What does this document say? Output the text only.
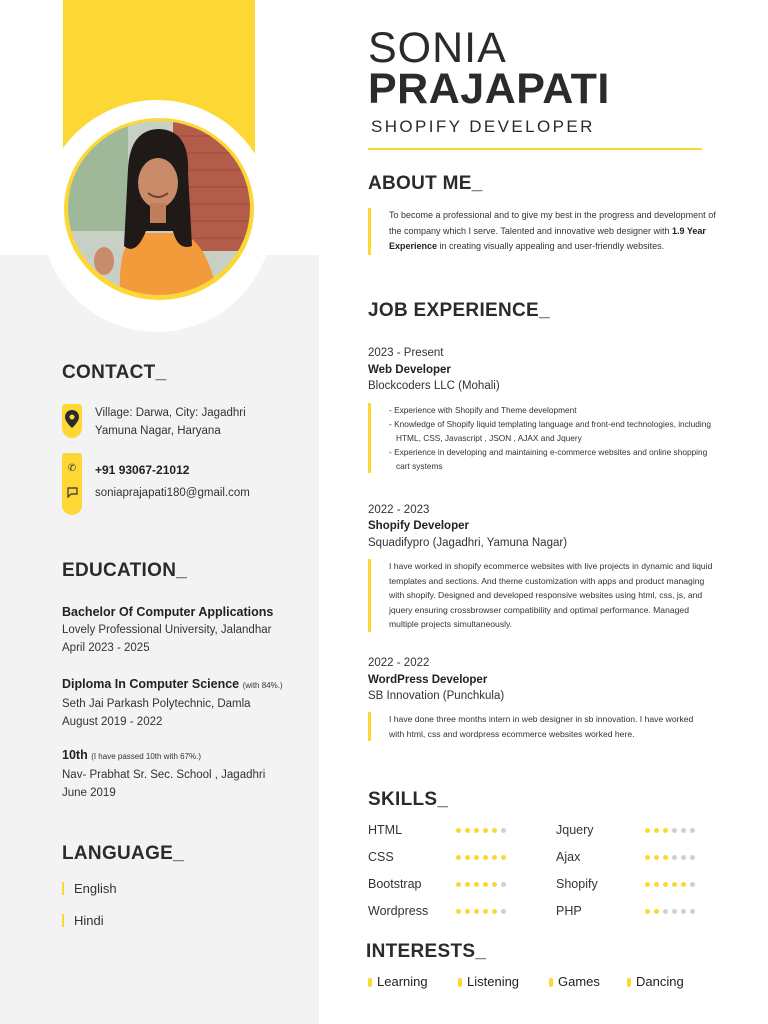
CONTACT_
Village: Darwa, City: Jagadhri
Yamuna Nagar, Haryana
✆ +91 93067-21012
soniaprajapati180@gmail.com
EDUCATION_
Bachelor Of Computer Applications
Lovely Professional University, Jalandhar
April 2023 - 2025
Diploma In Computer Science (with 84%.)
Seth Jai Parkash Polytechnic, Damla
August 2019 - 2022
10th (I have passed 10th with 67%.)
Nav- Prabhat Sr. Sec. School , Jagadhri
June 2019
LANGUAGE_
English
Hindi
SONIA
PRAJAPATI
SHOPIFY DEVELOPER
ABOUT ME_
To become a professional and to give my best in the progress and development of the company which I serve. Talented and innovative web designer with 1.9 Year Experience in creating visually appealing and user-friendly websites.
JOB EXPERIENCE_
2023 - Present
Web Developer
Blockcoders LLC (Mohali)
- Experience with Shopify and Theme development
- Knowledge of Shopify liquid templating language and front-end technologies, including HTML, CSS, Javascript , JSON , AJAX and Jquery
- Experience in developing and maintaining e-commerce websites and online shopping cart systems
2022 - 2023
Shopify Developer
Squadifypro (Jagadhri, Yamuna Nagar)
I have worked in shopify ecommerce websites with live projects in dynamic and liquid templates and sections. And theme customization with apps and product managing with shopify. Designed and developed responsive websites using html, css, js, and jquery ensuring crossbrowser compatibility and optimal performance. Managed multiple projects simultaneously.
2022 - 2022
WordPress Developer
SB Innovation (Punchkula)
I have done three months intern in web designer in sb innovation. I have worked with html, css and wordpress ecommerce websites worked here.
SKILLS_
HTML	Jquery
CSS	Ajax
Bootstrap	Shopify
Wordpress	PHP
INTERESTS_
Learning	Listening	Games	Dancing
